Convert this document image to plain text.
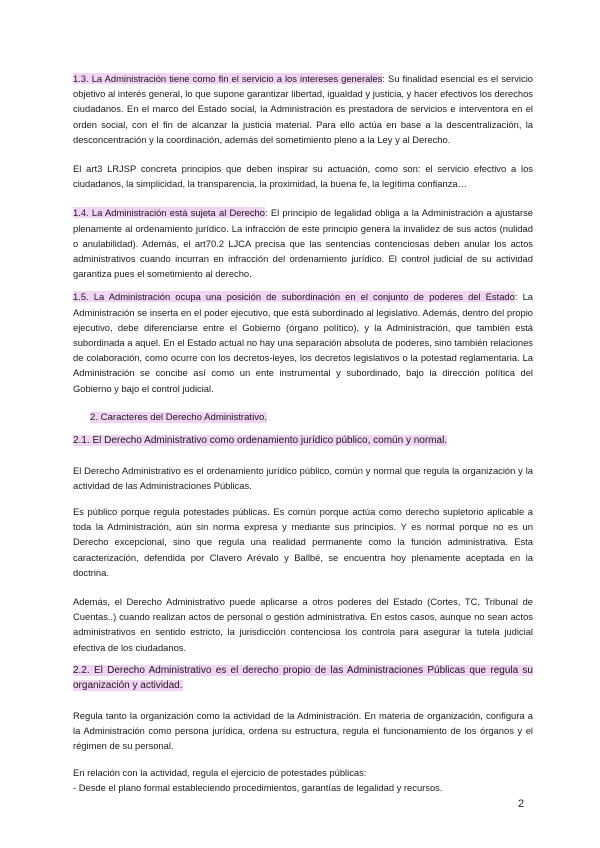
1.3. La Administración tiene como fin el servicio a los intereses generales: Su finalidad esencial es el servicio objetivo al interés general, lo que supone garantizar libertad, igualdad y justicia, y hacer efectivos los derechos ciudadanos. En el marco del Estado social, la Administración es prestadora de servicios e interventora en el orden social, con el fin de alcanzar la justicia material. Para ello actúa en base a la descentralización, la desconcentración y la coordinación, además del sometimiento pleno a la Ley y al Derecho.

El art3 LRJSP concreta principios que deben inspirar su actuación, como son: el servicio efectivo a los ciudadanos, la simplicidad, la transparencia, la proximidad, la buena fe, la legítima confianza…

1.4. La Administración está sujeta al Derecho: El principio de legalidad obliga a la Administración a ajustarse plenamente al ordenamiento jurídico. La infracción de este principio genera la invalidez de sus actos (nulidad o anulabilidad). Además, el art70.2 LJCA precisa que las sentencias contenciosas deben anular los actos administrativos cuando incurran en infracción del ordenamiento jurídico. El control judicial de su actividad garantiza pues el sometimiento al derecho.

1.5. La Administración ocupa una posición de subordinación en el conjunto de poderes del Estado: La Administración se inserta en el poder ejecutivo, que está subordinado al legislativo. Además, dentro del propio ejecutivo, debe diferenciarse entre el Gobierno (órgano político), y la Administración, que también está subordinada a aquel. En el Estado actual no hay una separación absoluta de poderes, sino también relaciones de colaboración, como ocurre con los decretos-leyes, los decretos legislativos o la potestad reglamentaria. La Administración se concibe así como un ente instrumental y subordinado, bajo la dirección política del Gobierno y bajo el control judicial.

2. Caracteres del Derecho Administrativo.

2.1. El Derecho Administrativo como ordenamiento jurídico público, común y normal.

El Derecho Administrativo es el ordenamiento jurídico público, común y normal que regula la organización y la actividad de las Administraciones Públicas.

Es público porque regula potestades públicas. Es común porque actúa como derecho supletorio aplicable a toda la Administración, aún sin norma expresa y mediante sus principios. Y es normal porque no es un Derecho excepcional, sino que regula una realidad permanente como la función administrativa. Esta caracterización, defendida por Clavero Arévalo y Ballbé, se encuentra hoy plenamente aceptada en la doctrina.

Además, el Derecho Administrativo puede aplicarse a otros poderes del Estado (Cortes, TC, Tribunal de Cuentas..) cuando realizan actos de personal o gestión administrativa. En estos casos, aunque no sean actos administrativos en sentido estricto, la jurisdicción contenciosa los controla para asegurar la tutela judicial efectiva de los ciudadanos.

2.2. El Derecho Administrativo es el derecho propio de las Administraciones Públicas que regula su organización y actividad.

Regula tanto la organización como la actividad de la Administración. En materia de organización, configura a la Administración como persona jurídica, ordena su estructura, regula el funcionamiento de los órganos y el régimen de su personal.

En relación con la actividad, regula el ejercicio de potestades públicas:

- Desde el plano formal estableciendo procedimientos, garantías de legalidad y recursos.

2
